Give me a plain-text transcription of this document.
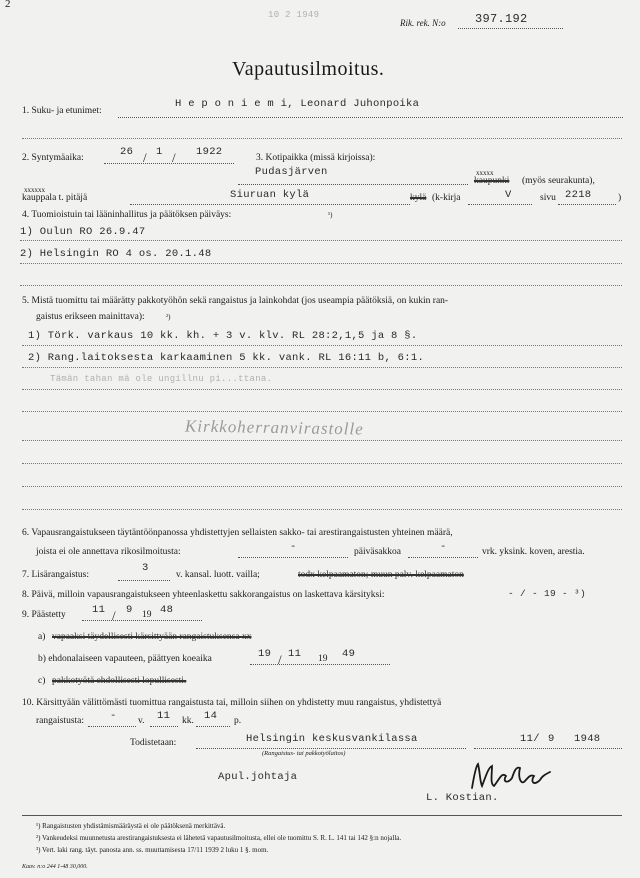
2
10 2 1949
Rik. rek. N:o 397.192
Vapautusilmoitus.
1. Suku- ja etunimet:
H e p o n i e m i, Leonard Juhonpoika
2. Syntymäaika:	26 / 1 / 1922	3. Kotipaikka (missä kirjoissa):
Pudasjärven	xxxxx
kaupunki (myös seurakunta),
xxxxxx
kauppala t. pitäjä	Siuruan kylä	kylä (k-kirja	V	sivu 2218	)
4. Tuomioistuin tai lääninhallitus ja päätöksen päiväys:	¹)
1) Oulun RO 26.9.47
2) Helsingin RO 4 os. 20.1.48
5. Mistä tuomittu tai määrätty pakkotyöhön sekä rangaistus ja lainkohdat (jos useampia päätöksiä, on kukin ran-
gaistus erikseen mainittava):	²)
1) Törk. varkaus 10 kk. kh. + 3 v. klv. RL 28:2,1,5 ja 8 §.
2) Rang.laitoksesta karkaaminen 5 kk. vank. RL 16:11 b, 6:1.
Tämän tahan mä ole ungillnu pi...ttana.
Kirkkoherranvirastolle
6. Vapausrangaistukseen täytäntöönpanossa yhdistettyjen sellaisten sakko- tai arestirangaistusten yhteinen määrä,
joista ei ole annettava rikosilmoitusta:	-	päiväsakkoa	-	vrk. yksink. koven, arestia.
7. Lisärangaistus:
3
v. kansal. luott. vailla;	todx kelpaamaton; muun palv. kelpaamaton
8. Päivä, milloin vapausrangaistukseen yhteenlaskettu sakkorangaistus on laskettava kärsityksi:	- / - 19 - ³)
9. Päästetty 11 / 9 19 48
a) vapaaksi täydellisesti kärsittyään rangaistuksensa xx
b) ehdonalaiseen vapauteen, päättyen koeaika	19 / 11 19 49
c) pakkotyötä ehdollisesti lopullisesti.
10. Kärsittyään välittömästi tuomittua rangaistusta tai, milloin siihen on yhdistetty muu rangaistus, yhdistettyä
rangaistusta: - v. 11 kk. 14 p.
Todistetaan:	Helsingin keskusvankilassa
(Rangaistus- tai pakkotyölaitos)
11/ 9 1948
Apul.johtaja
L. Kostian.
¹) Rangaistusten yhdistämismääräystä ei ole päätöksenä merkittävä.
²) Vankeudeksi muunnetusta arestirangaistuksesta ei lähetetä vapautusilmoitusta, ellei ole tuomittu S. R. L. 141 tai 142 §:n nojalla.
³) Vert. laki rang. täyt. panosta ann. ss. muuttamisesta 17/11 1939 2 luku 1 §. mom.
Kaav. n:o 244 1-48 30,000.
